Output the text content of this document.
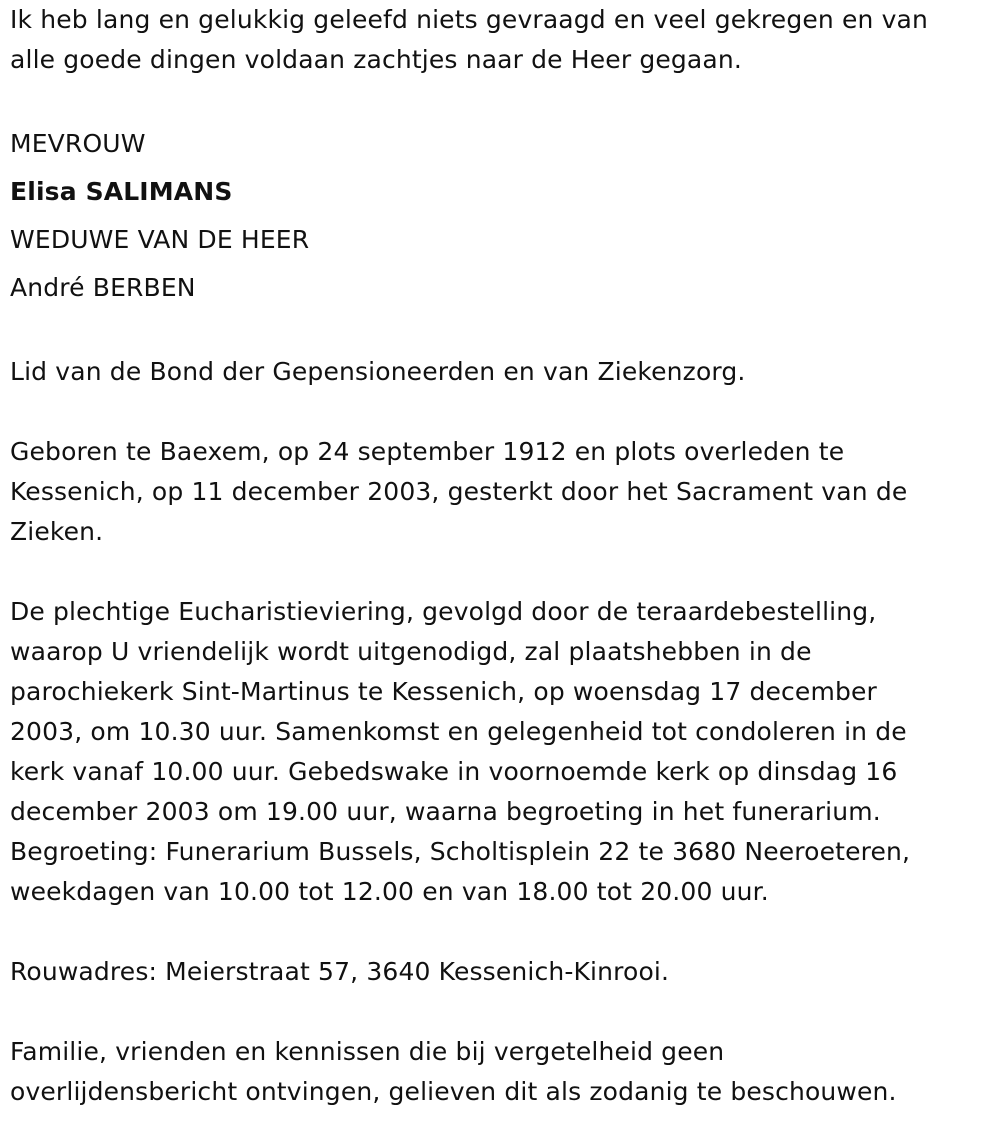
Ik heb lang en gelukkig geleefd niets gevraagd en veel gekregen en van
alle goede dingen voldaan zachtjes naar de Heer gegaan.
MEVROUW
Elisa SALIMANS
WEDUWE VAN DE HEER
André BERBEN
Lid van de Bond der Gepensioneerden en van Ziekenzorg.
Geboren te Baexem, op 24 september 1912 en plots overleden te
Kessenich, op 11 december 2003, gesterkt door het Sacrament van de
Zieken.
De plechtige Eucharistieviering, gevolgd door de teraardebestelling,
waarop U vriendelijk wordt uitgenodigd, zal plaatshebben in de
parochiekerk Sint-Martinus te Kessenich, op woensdag 17 december
2003, om 10.30 uur. Samenkomst en gelegenheid tot condoleren in de
kerk vanaf 10.00 uur. Gebedswake in voornoemde kerk op dinsdag 16
december 2003 om 19.00 uur, waarna begroeting in het funerarium.
Begroeting: Funerarium Bussels, Scholtisplein 22 te 3680 Neeroeteren,
weekdagen van 10.00 tot 12.00 en van 18.00 tot 20.00 uur.
Rouwadres: Meierstraat 57, 3640 Kessenich-Kinrooi.
Familie, vrienden en kennissen die bij vergetelheid geen
overlijdensbericht ontvingen, gelieven dit als zodanig te beschouwen.
